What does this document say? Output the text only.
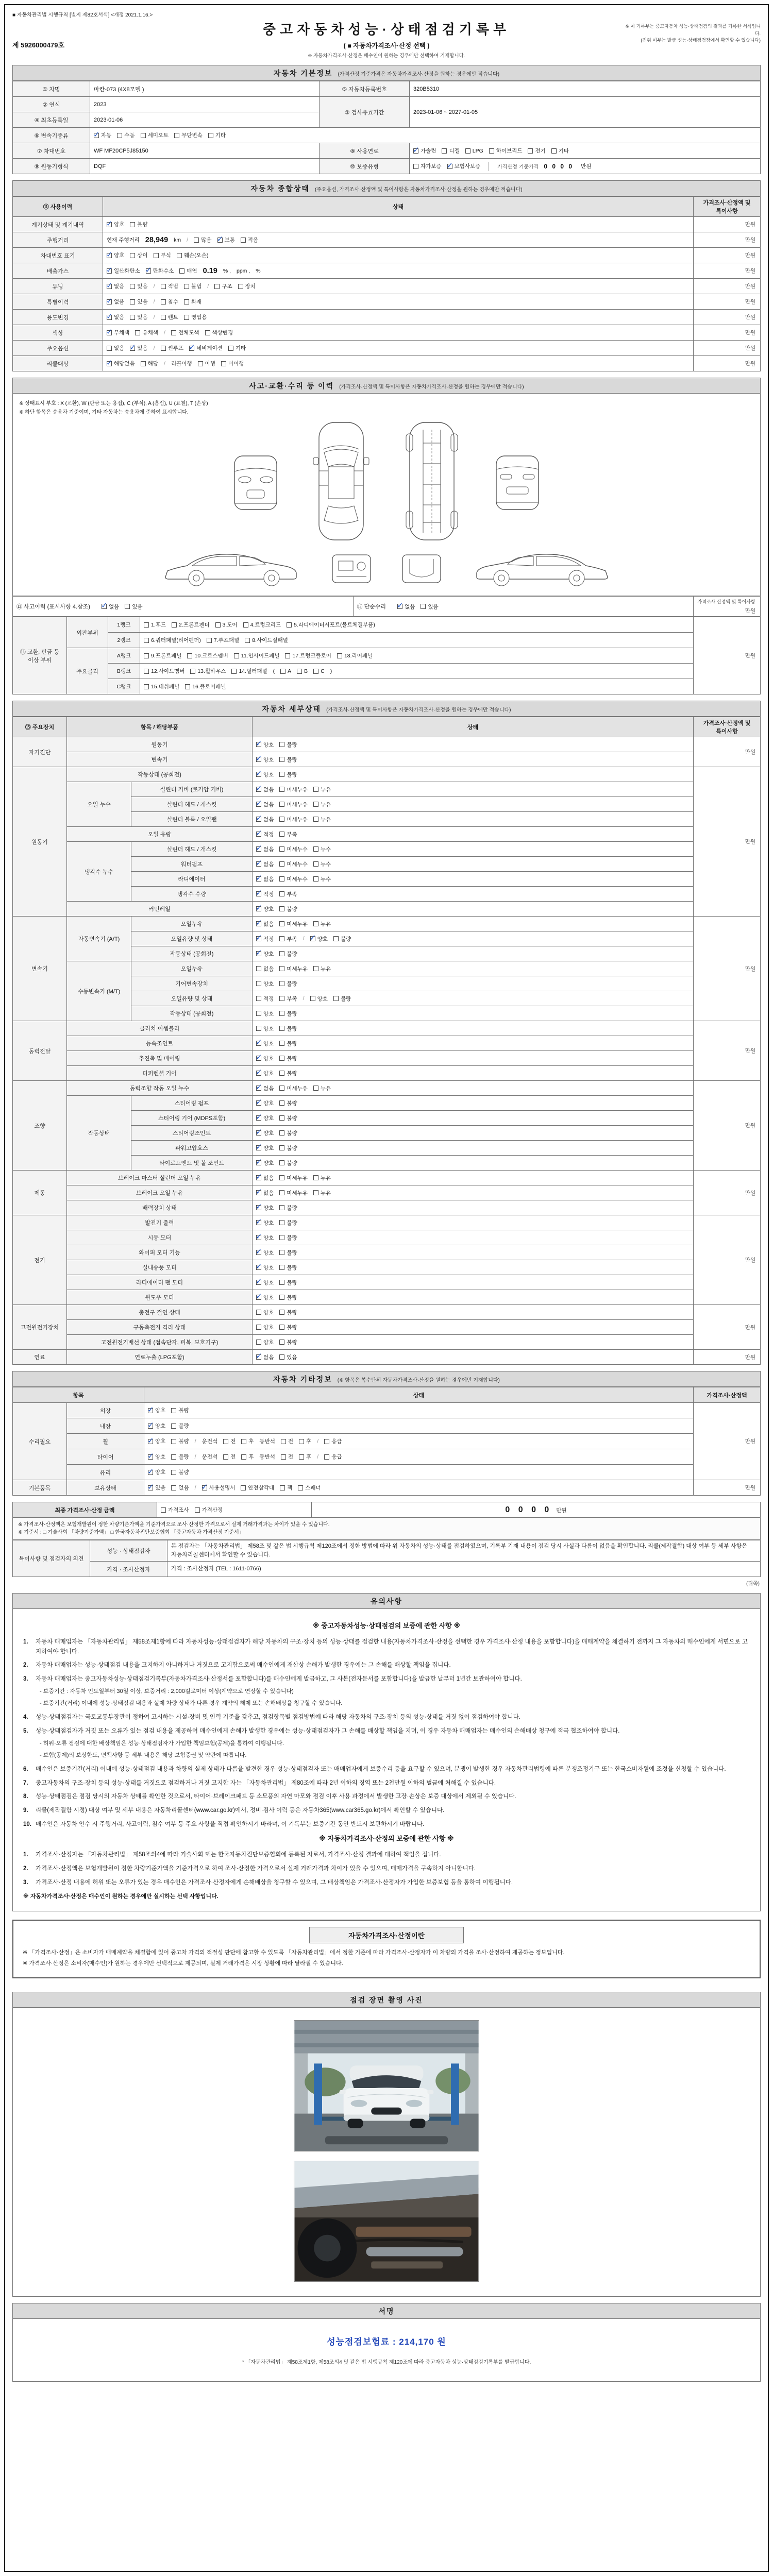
■ 자동차관리법 시행규칙 [별지 제82호서식] <개정 2021.1.16.>
제 5926000479호
중고자동차성능·상태점검기록부
( ■ 자동차가격조사·산정 선택 )
※ 자동차가격조사·산정은 매수인이 원하는 경우에만 선택하여 기재합니다.
※ 이 기록부는 중고자동차 성능·상태점검의 결과를 기록한 서식입니다.
(진위 여부는 발급 성능·상태점검장에서 확인할 수 있습니다)
자동차 기본정보 (가격산정 기준가격은 자동차가격조사·산정을 원하는 경우에만 적습니다)
① 차명	마칸-073 (4X8모델 )	⑤ 자동차등록번호	320B5310
② 연식	2023	③ 검사유효기간	2023-01-06 ~ 2027-01-05
④ 최초등록일	2023-01-06		
⑥ 변속기종류	
✓자동 수동 세미오토 무단변속 기타

⑦ 차대번호	WF MF20CP5J85150	⑧ 사용연료	
✓가솔린 디젤 LPG 하이브리드 전기 기타

⑨ 원동기형식	DQF	⑩ 보증유형	자가보증 ✓ 보험사보증 가격산정 기준가격 0 0 0 0 만원
자동차 종합상태 (주요옵션, 가격조사·산정액 및 특이사항은 자동차가격조사·산정을 원하는 경우에만 적습니다)
⑪ 사용이력	상태	가격조사·산정액 및 특이사항
계기상태 및 계기내역	
✓양호 불량	만원
주행거리	현재 주행거리 28,949 km / 많음 ✓ 보통 적음	만원
차대번호 표기	
✓양호 상이 부식 훼손(오손)	만원
배출가스	
✓일산화탄소 ✓ 탄화수소 매연 0.19 % , ppm , %	만원
튜닝	
✓없음 있음 / 적법 불법 / 구조 장치	만원
특별이력	
✓없음 있음 / 침수 화재	만원
용도변경	
✓없음 있음 / 렌트 영업용	만원
색상	
✓무채색 유채색 / 전체도색 색상변경	만원
주요옵션	없음 ✓ 있음 / 썬루프 ✓ 네비게이션 기타	만원
리콜대상	
✓해당없음 해당 / 리콜이행 이행 미이행	만원
사고·교환·수리 등 이력 (가격조사·산정액 및 특이사항은 자동차가격조사·산정을 원하는 경우에만 적습니다)
※ 상태표시 부호 : X (교환), W (판금 또는 용접), C (부식), A (흠집), U (요철), T (손상)
※ 하단 항목은 승용차 기준이며, 기타 자동차는 승용차에 준하여 표시합니다.
⑫ 사고이력 (표시사항 4.참조) ✓	없음 있음	⑬ 단순수리 ✓	없음 있음

가격조사·산정액 및 특이사항
만원
⑭ 교환, 판금 등 이상 부위	외판부위	1랭크	1.후드 2.프론트펜더 3.도어 4.트렁크리드 5.라디에이터서포트(볼트체결부품)	만원
		2랭크	6.쿼터패널(리어펜더) 7.루프패널 8.사이드실패널	

	주요골격	A랭크	9.프론트패널 10.크로스멤버 11.인사이드패널 17.트렁크플로어 18.리어패널	

B랭크	12.사이드멤버 13.휠하우스 14.필러패널 ( A B C )

		C랭크	15.대쉬패널 16.플로어패널	
자동차 세부상태 (가격조사·산정액 및 특이사항은 자동차가격조사·산정을 원하는 경우에만 적습니다)
⑮ 주요장치	항목 / 해당부품		상태	가격조사·산정액 및 특이사항
자기진단	원동기	
✓양호 불량	만원
	변속기	
✓양호 불량

원동기	작동상태 (공회전)	
✓양호 불량	만원
	오일 누수	실린더 커버 (로커암 커버)	
✓없음 미세누유 누유

		실린더 헤드 / 개스킷	
✓없음 미세누유 누유

		실린더 블록 / 오일팬	
✓없음 미세누유 누유

	오일 유량	
✓적정 부족

	냉각수 누수	실린더 헤드 / 개스킷	
✓없음 미세누수 누수

		워터펌프	
✓없음 미세누수 누수

		라디에이터	
✓없음 미세누수 누수

		냉각수 수량	
✓적정 부족

	커먼레일	
✓양호 불량

변속기	자동변속기 (A/T)	오일누유	
✓없음 미세누유 누유	만원
		오일유량 및 상태	
✓적정 부족 / ✓ 양호 불량

		작동상태 (공회전)	
✓양호 불량

	수동변속기 (M/T)	오일누유	없음 미세누유 누유	

		기어변속장치	양호 불량	

		오일유량 및 상태	적정 부족 / 양호 불량	

		작동상태 (공회전)	양호 불량	

동력전달	클러치 어셈블리		양호 불량	만원
	등속조인트	
✓양호 불량

	추진축 및 베어링	
✓양호 불량

	디퍼렌셜 기어	
✓양호 불량

조향	동력조향 작동 오일 누수	
✓없음 미세누유 누유	만원
	작동상태	스티어링 펌프	
✓양호 불량

		스티어링 기어 (MDPS포함)	
✓양호 불량

		스티어링조인트	
✓양호 불량

		파워고압호스	
✓양호 불량

		타이로드엔드 및 볼 조인트	
✓양호 불량

제동	브레이크 마스터 실린더 오일 누유	
✓없음 미세누유 누유	만원
	브레이크 오일 누유	
✓없음 미세누유 누유

	배력장치 상태	
✓양호 불량

전기	발전기 출력	
✓양호 불량	만원
	시동 모터	
✓양호 불량

	와이퍼 모터 기능	
✓양호 불량

	실내송풍 모터	
✓양호 불량

	라디에이터 팬 모터	
✓양호 불량

	윈도우 모터	
✓양호 불량

고전원전기장치	충전구 절연 상태		양호 불량	만원
	구동축전지 격리 상태		양호 불량	

	고전원전기배선 상태 (접속단자, 피복, 보호기구)		양호 불량	

연료	연료누출 (LPG포함)	
✓없음 있음	만원
자동차 기타정보 (※ 항목은 복수단위 자동차가격조사·산정을 원하는 경우에만 기재합니다)
항목		상태	가격조사·산정액
수리필요	외장	
✓양호 불량	만원
	내장	
✓양호 불량

휠	
✓양호 불량 / 운전석 전 후 동반석 전 후 / 응급

타이어	
✓양호 불량 / 운전석 전 후 동반석 전 후 / 응급

	유리	
✓양호 불량

기본품목	보유상태	
✓있음 없음 / ✓ 사용설명서 안전삼각대 잭 스패너	만원
최종 가격조사·산정 금액	가격조사 가격산정	0 0 0 0 만원
※ 가격조사·산정액은 보험개발원이 정한 차량기준가액을 기준가격으로 조사·산정한 가격으로서 실제 거래가격과는 차이가 있을 수 있습니다.
※ 기준서 : □ 기술사회 「차량기준가액」 □ 한국자동차진단보증협회 「중고자동차 가격산정 기준서」
특이사항 및 점검자의 의견	성능 · 상태점검자	본 점검자는 「자동차관리법」 제58조 및 같은 법 시행규칙 제120조에서 정한 방법에 따라 위 자동차의 성능·상태를 점검하였으며, 기록부 기재 내용이 점검 당시 사실과 다름이 없음을 확인합니다. 리콜(제작결함) 대상 여부 등 세부 사항은 자동차리콜센터에서 확인할 수 있습니다.
	가격 · 조사산정자	가격 : 조사산정자 (TEL : 1611-0766)
(뒤쪽)
유의사항
※ 중고자동차성능·상태점검의 보증에 관한 사항 ※
1.	자동차 매매업자는 「자동차관리법」 제58조제1항에 따라 자동차성능·상태점검자가 해당 자동차의 구조·장치 등의 성능·상태를 점검한 내용(자동차가격조사·산정을 선택한 경우 가격조사·산정 내용을 포함합니다)을 매매계약을 체결하기 전까지 그 자동차의 매수인에게 서면으로 고지하여야 합니다.
2.	자동차 매매업자는 성능·상태점검 내용을 고지하지 아니하거나 거짓으로 고지함으로써 매수인에게 재산상 손해가 발생한 경우에는 그 손해를 배상할 책임을 집니다.
3.	자동차 매매업자는 중고자동차성능·상태점검기록부(자동차가격조사·산정서를 포함합니다)를 매수인에게 발급하고, 그 사본(전자문서를 포함합니다)을 발급한 날부터 1년간 보관하여야 합니다.
- 보증기간 : 자동차 인도일부터 30일 이상, 보증거리 : 2,000킬로미터 이상(계약으로 연장할 수 있습니다)
- 보증기간(거리) 이내에 성능·상태점검 내용과 실제 차량 상태가 다른 경우 계약의 해제 또는 손해배상을 청구할 수 있습니다.
4.	성능·상태점검자는 국토교통부장관이 정하여 고시하는 시설·장비 및 인력 기준을 갖추고, 점검항목별 점검방법에 따라 해당 자동차의 구조·장치 등의 성능·상태를 거짓 없이 점검하여야 합니다.
5.	성능·상태점검자가 거짓 또는 오류가 있는 점검 내용을 제공하여 매수인에게 손해가 발생한 경우에는 성능·상태점검자가 그 손해를 배상할 책임을 지며, 이 경우 자동차 매매업자는 매수인의 손해배상 청구에 적극 협조하여야 합니다.
- 허위·오류 점검에 대한 배상책임은 성능·상태점검자가 가입한 책임보험(공제)을 통하여 이행됩니다.
- 보험(공제)의 보상한도, 면책사항 등 세부 내용은 해당 보험증권 및 약관에 따릅니다.
6.	매수인은 보증기간(거리) 이내에 성능·상태점검 내용과 차량의 실제 상태가 다름을 발견한 경우 성능·상태점검자 또는 매매업자에게 보증수리 등을 요구할 수 있으며, 분쟁이 발생한 경우 자동차관리법령에 따른 분쟁조정기구 또는 한국소비자원에 조정을 신청할 수 있습니다.
7.	중고자동차의 구조·장치 등의 성능·상태를 거짓으로 점검하거나 거짓 고지한 자는 「자동차관리법」 제80조에 따라 2년 이하의 징역 또는 2천만원 이하의 벌금에 처해질 수 있습니다.
8.	성능·상태점검은 점검 당시의 자동차 상태를 확인한 것으로서, 타이어·브레이크패드 등 소모품의 자연 마모와 점검 이후 사용 과정에서 발생한 고장·손상은 보증 대상에서 제외될 수 있습니다.
9.	리콜(제작결함 시정) 대상 여부 및 세부 내용은 자동차리콜센터(www.car.go.kr)에서, 정비·검사 이력 등은 자동차365(www.car365.go.kr)에서 확인할 수 있습니다.
10. 매수인은 자동차 인수 시 주행거리, 사고이력, 침수 여부 등 주요 사항을 직접 확인하시기 바라며, 이 기록부는 보증기간 동안 반드시 보관하시기 바랍니다.
※ 자동차가격조사·산정의 보증에 관한 사항 ※
1.	가격조사·산정자는 「자동차관리법」 제58조의4에 따라 기술사회 또는 한국자동차진단보증협회에 등록된 자로서, 가격조사·산정 결과에 대하여 책임을 집니다.
2.	가격조사·산정액은 보험개발원이 정한 차량기준가액을 기준가격으로 하여 조사·산정한 가격으로서 실제 거래가격과 차이가 있을 수 있으며, 매매가격을 구속하지 아니합니다.
3.	가격조사·산정 내용에 허위 또는 오류가 있는 경우 매수인은 가격조사·산정자에게 손해배상을 청구할 수 있으며, 그 배상책임은 가격조사·산정자가 가입한 보증보험 등을 통하여 이행됩니다.
※ 자동차가격조사·산정은 매수인이 원하는 경우에만 실시하는 선택 사항입니다.
자동차가격조사·산정이란
※ 「가격조사·산정」은 소비자가 매매계약을 체결함에 있어 중고차 가격의 적절성 판단에 참고할 수 있도록 「자동차관리법」에서 정한 기준에 따라 가격조사·산정자가 이 차량의 가격을 조사·산정하여 제공하는 정보입니다.
※ 가격조사·산정은 소비자(매수인)가 원하는 경우에만 선택적으로 제공되며, 실제 거래가격은 시장 상황에 따라 달라질 수 있습니다.
점검 장면 촬영 사진
서명
성능점검보험료 : 214,170 원
* 「자동차관리법」 제58조제1항, 제58조의4 및 같은 법 시행규칙 제120조에 따라 중고자동차 성능·상태점검기록부를 발급합니다.
